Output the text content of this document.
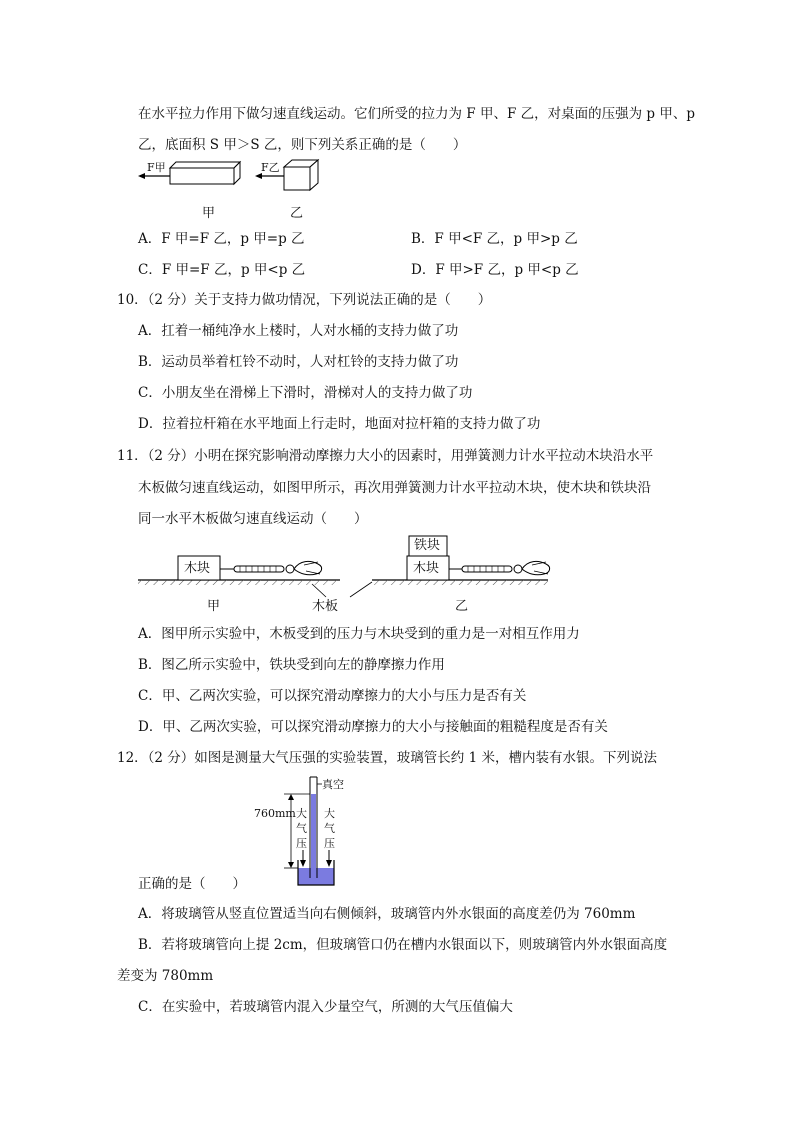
在水平拉力作用下做匀速直线运动。它们所受的拉力为 F 甲、F 乙，对桌面的压强为 p 甲、p
乙，底面积 S 甲＞S 乙，则下列关系正确的是（　　）
F甲	F乙
甲	乙
A．F 甲=F 乙，p 甲=p 乙	B．F 甲<F 乙，p 甲>p 乙
C．F 甲=F 乙，p 甲<p 乙	D．F 甲>F 乙，p 甲<p 乙
10．（2 分）关于支持力做功情况，下列说法正确的是（　　）
A．扛着一桶纯净水上楼时，人对水桶的支持力做了功
B．运动员举着杠铃不动时，人对杠铃的支持力做了功
C．小朋友坐在滑梯上下滑时，滑梯对人的支持力做了功
D．拉着拉杆箱在水平地面上行走时，地面对拉杆箱的支持力做了功
11．（2 分）小明在探究影响滑动摩擦力大小的因素时，用弹簧测力计水平拉动木块沿水平
木板做匀速直线运动，如图甲所示，再次用弹簧测力计水平拉动木块，使木块和铁块沿
同一水平木板做匀速直线运动（　　）
木块
铁块
木块
甲	木板	乙
A．图甲所示实验中，木板受到的压力与木块受到的重力是一对相互作用力
B．图乙所示实验中，铁块受到向左的静摩擦力作用
C．甲、乙两次实验，可以探究滑动摩擦力的大小与压力是否有关
D．甲、乙两次实验，可以探究滑动摩擦力的大小与接触面的粗糙程度是否有关
12．（2 分）如图是测量大气压强的实验装置，玻璃管长约 1 米，槽内装有水银。下列说法
真空
760mm 大
气
压
大
气
压
正确的是（　　）
A．将玻璃管从竖直位置适当向右侧倾斜，玻璃管内外水银面的高度差仍为 760mm
B．若将玻璃管向上提 2cm，但玻璃管口仍在槽内水银面以下，则玻璃管内外水银面高度
差变为 780mm
C．在实验中，若玻璃管内混入少量空气，所测的大气压值偏大
